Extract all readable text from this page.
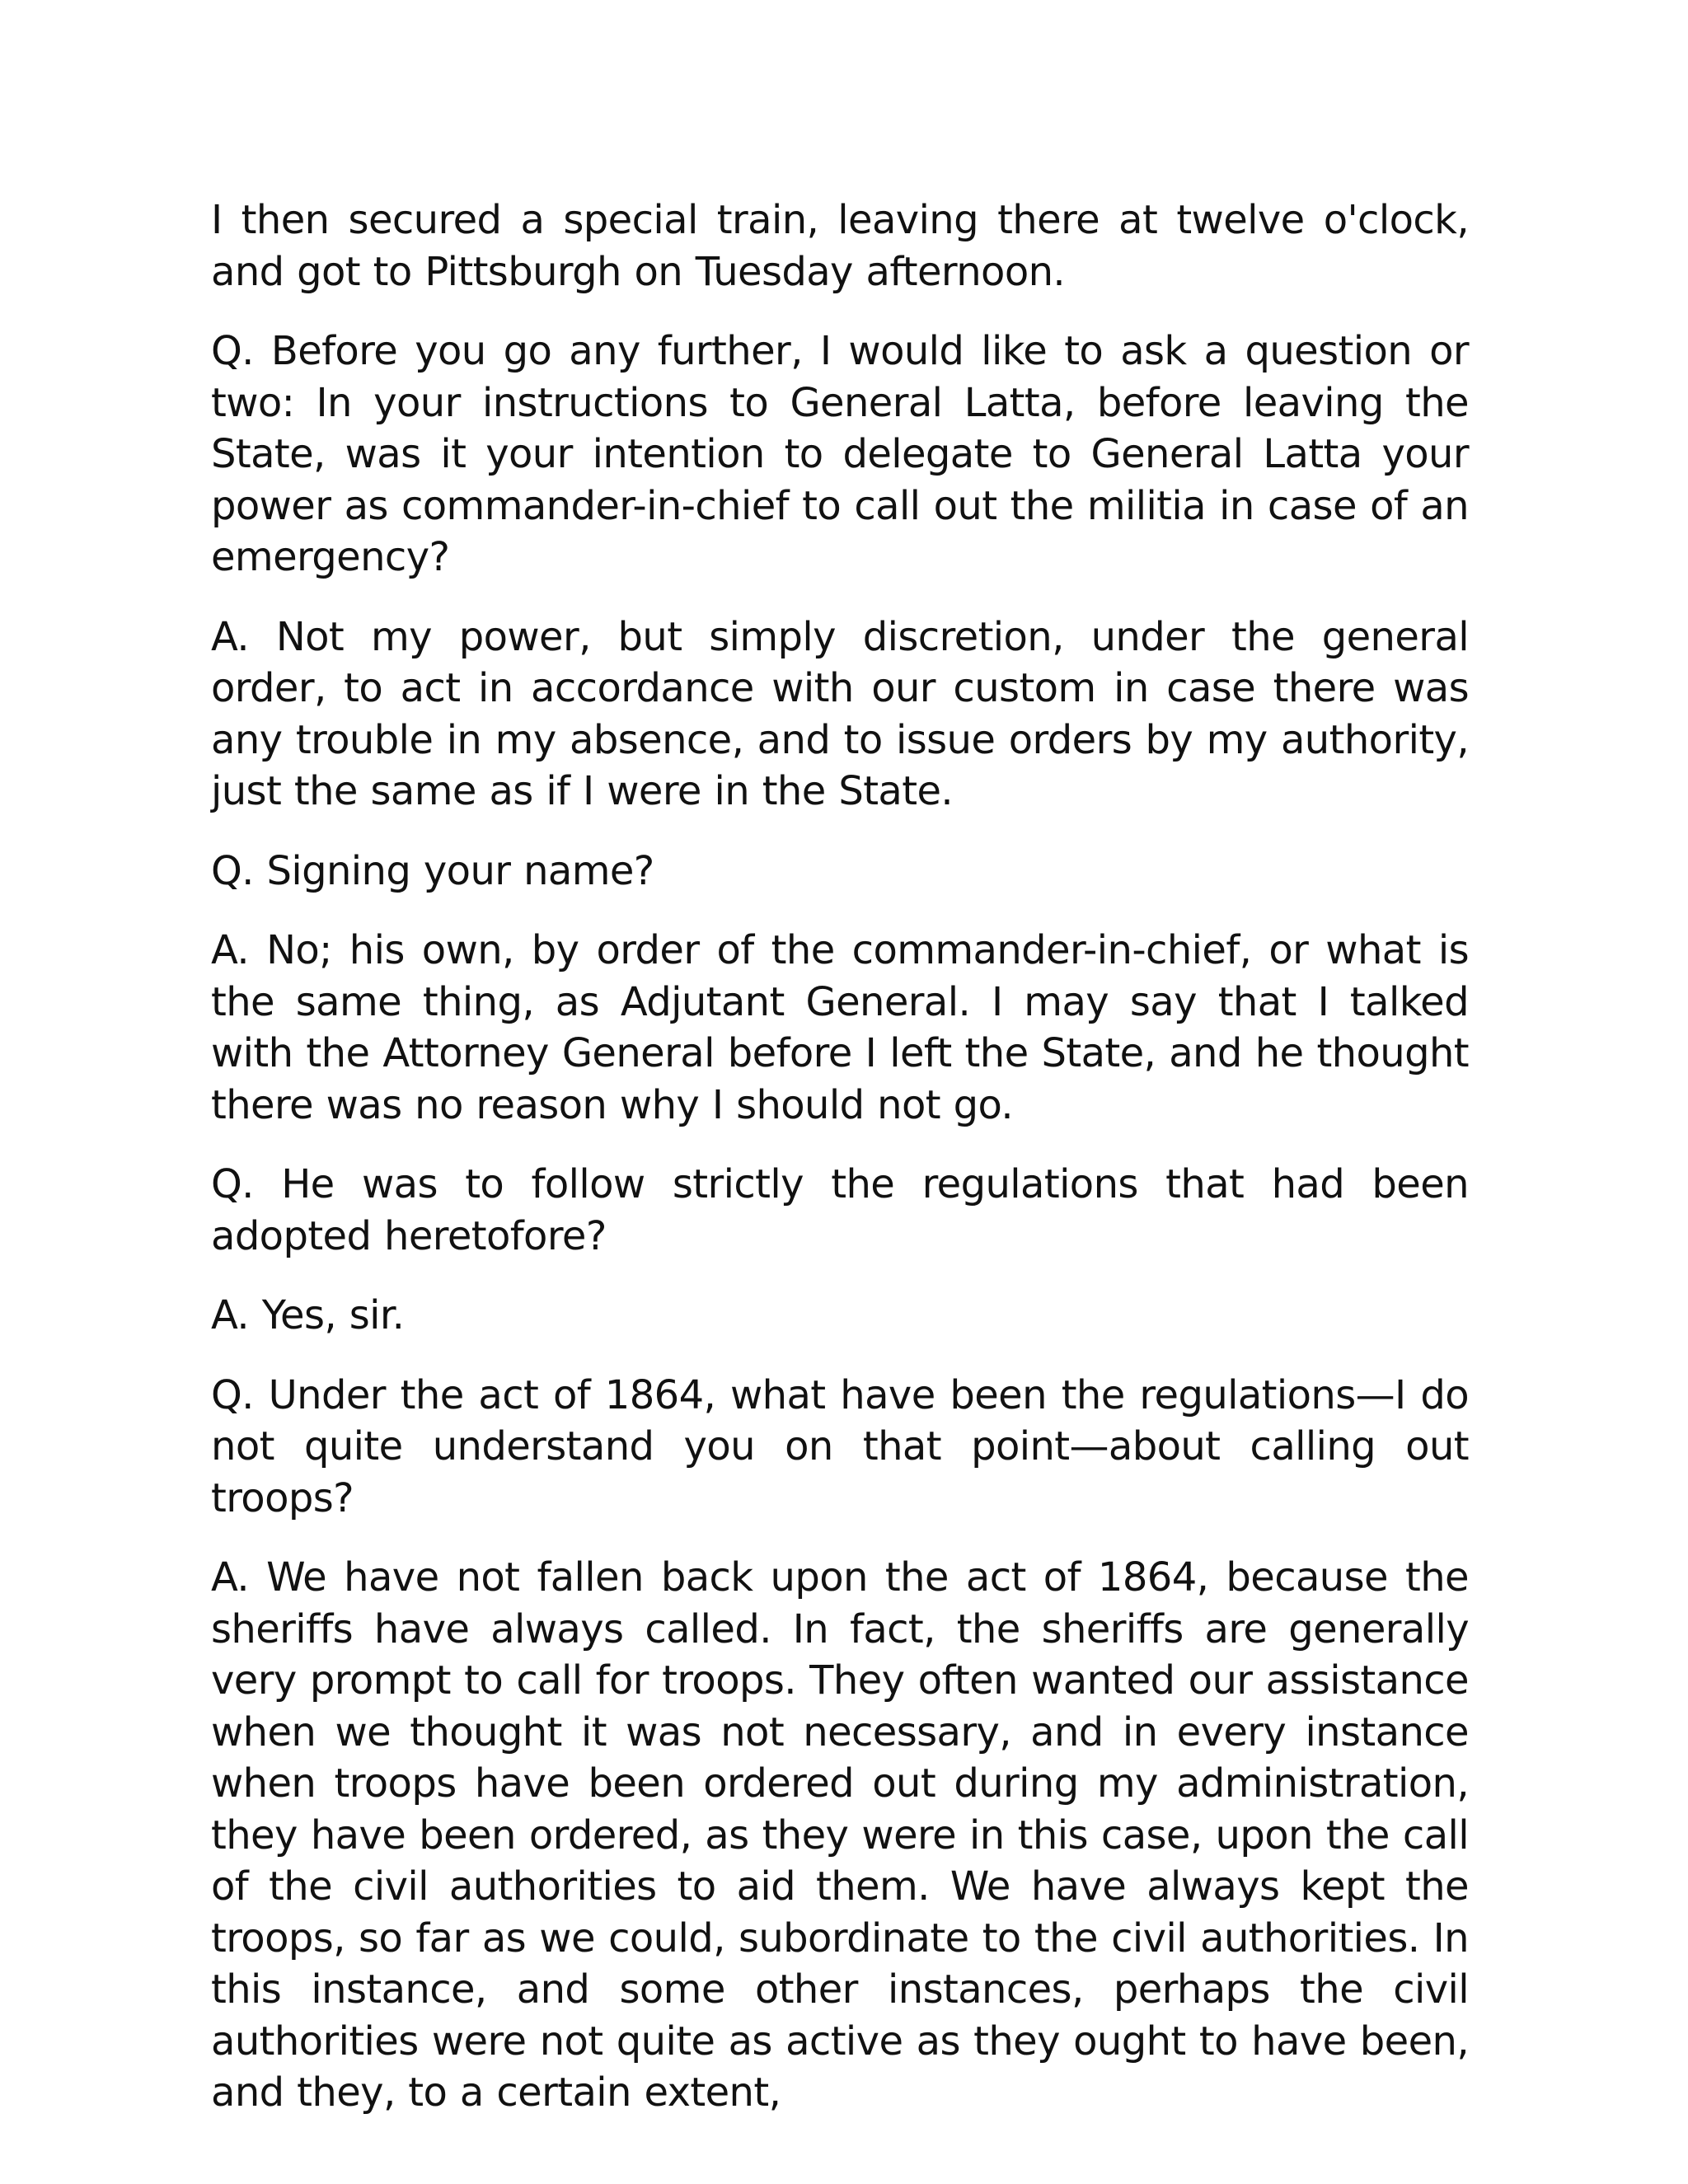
I then secured a special train, leaving there at twelve o'clock, and got to Pittsburgh on Tuesday afternoon.

Q. Before you go any further, I would like to ask a question or two: In your instructions to General Latta, before leaving the State, was it your intention to delegate to General Latta your power as commander-in-chief to call out the militia in case of an emergency?

A. Not my power, but simply discretion, under the general order, to act in accordance with our custom in case there was any trouble in my absence, and to issue orders by my authority, just the same as if I were in the State.

Q. Signing your name?

A. No; his own, by order of the commander-in-chief, or what is the same thing, as Adjutant General. I may say that I talked with the Attorney General before I left the State, and he thought there was no reason why I should not go.

Q. He was to follow strictly the regulations that had been adopted heretofore?

A. Yes, sir.

Q. Under the act of 1864, what have been the regulations—I do not quite understand you on that point—about calling out troops?

A. We have not fallen back upon the act of 1864, because the sheriffs have always called. In fact, the sheriffs are generally very prompt to call for troops. They often wanted our assistance when we thought it was not necessary, and in every instance when troops have been ordered out during my administration, they have been ordered, as they were in this case, upon the call of the civil authorities to aid them. We have always kept the troops, so far as we could, subordinate to the civil authorities. In this instance, and some other instances, perhaps the civil authorities were not quite as active as they ought to have been, and they, to a certain extent,
